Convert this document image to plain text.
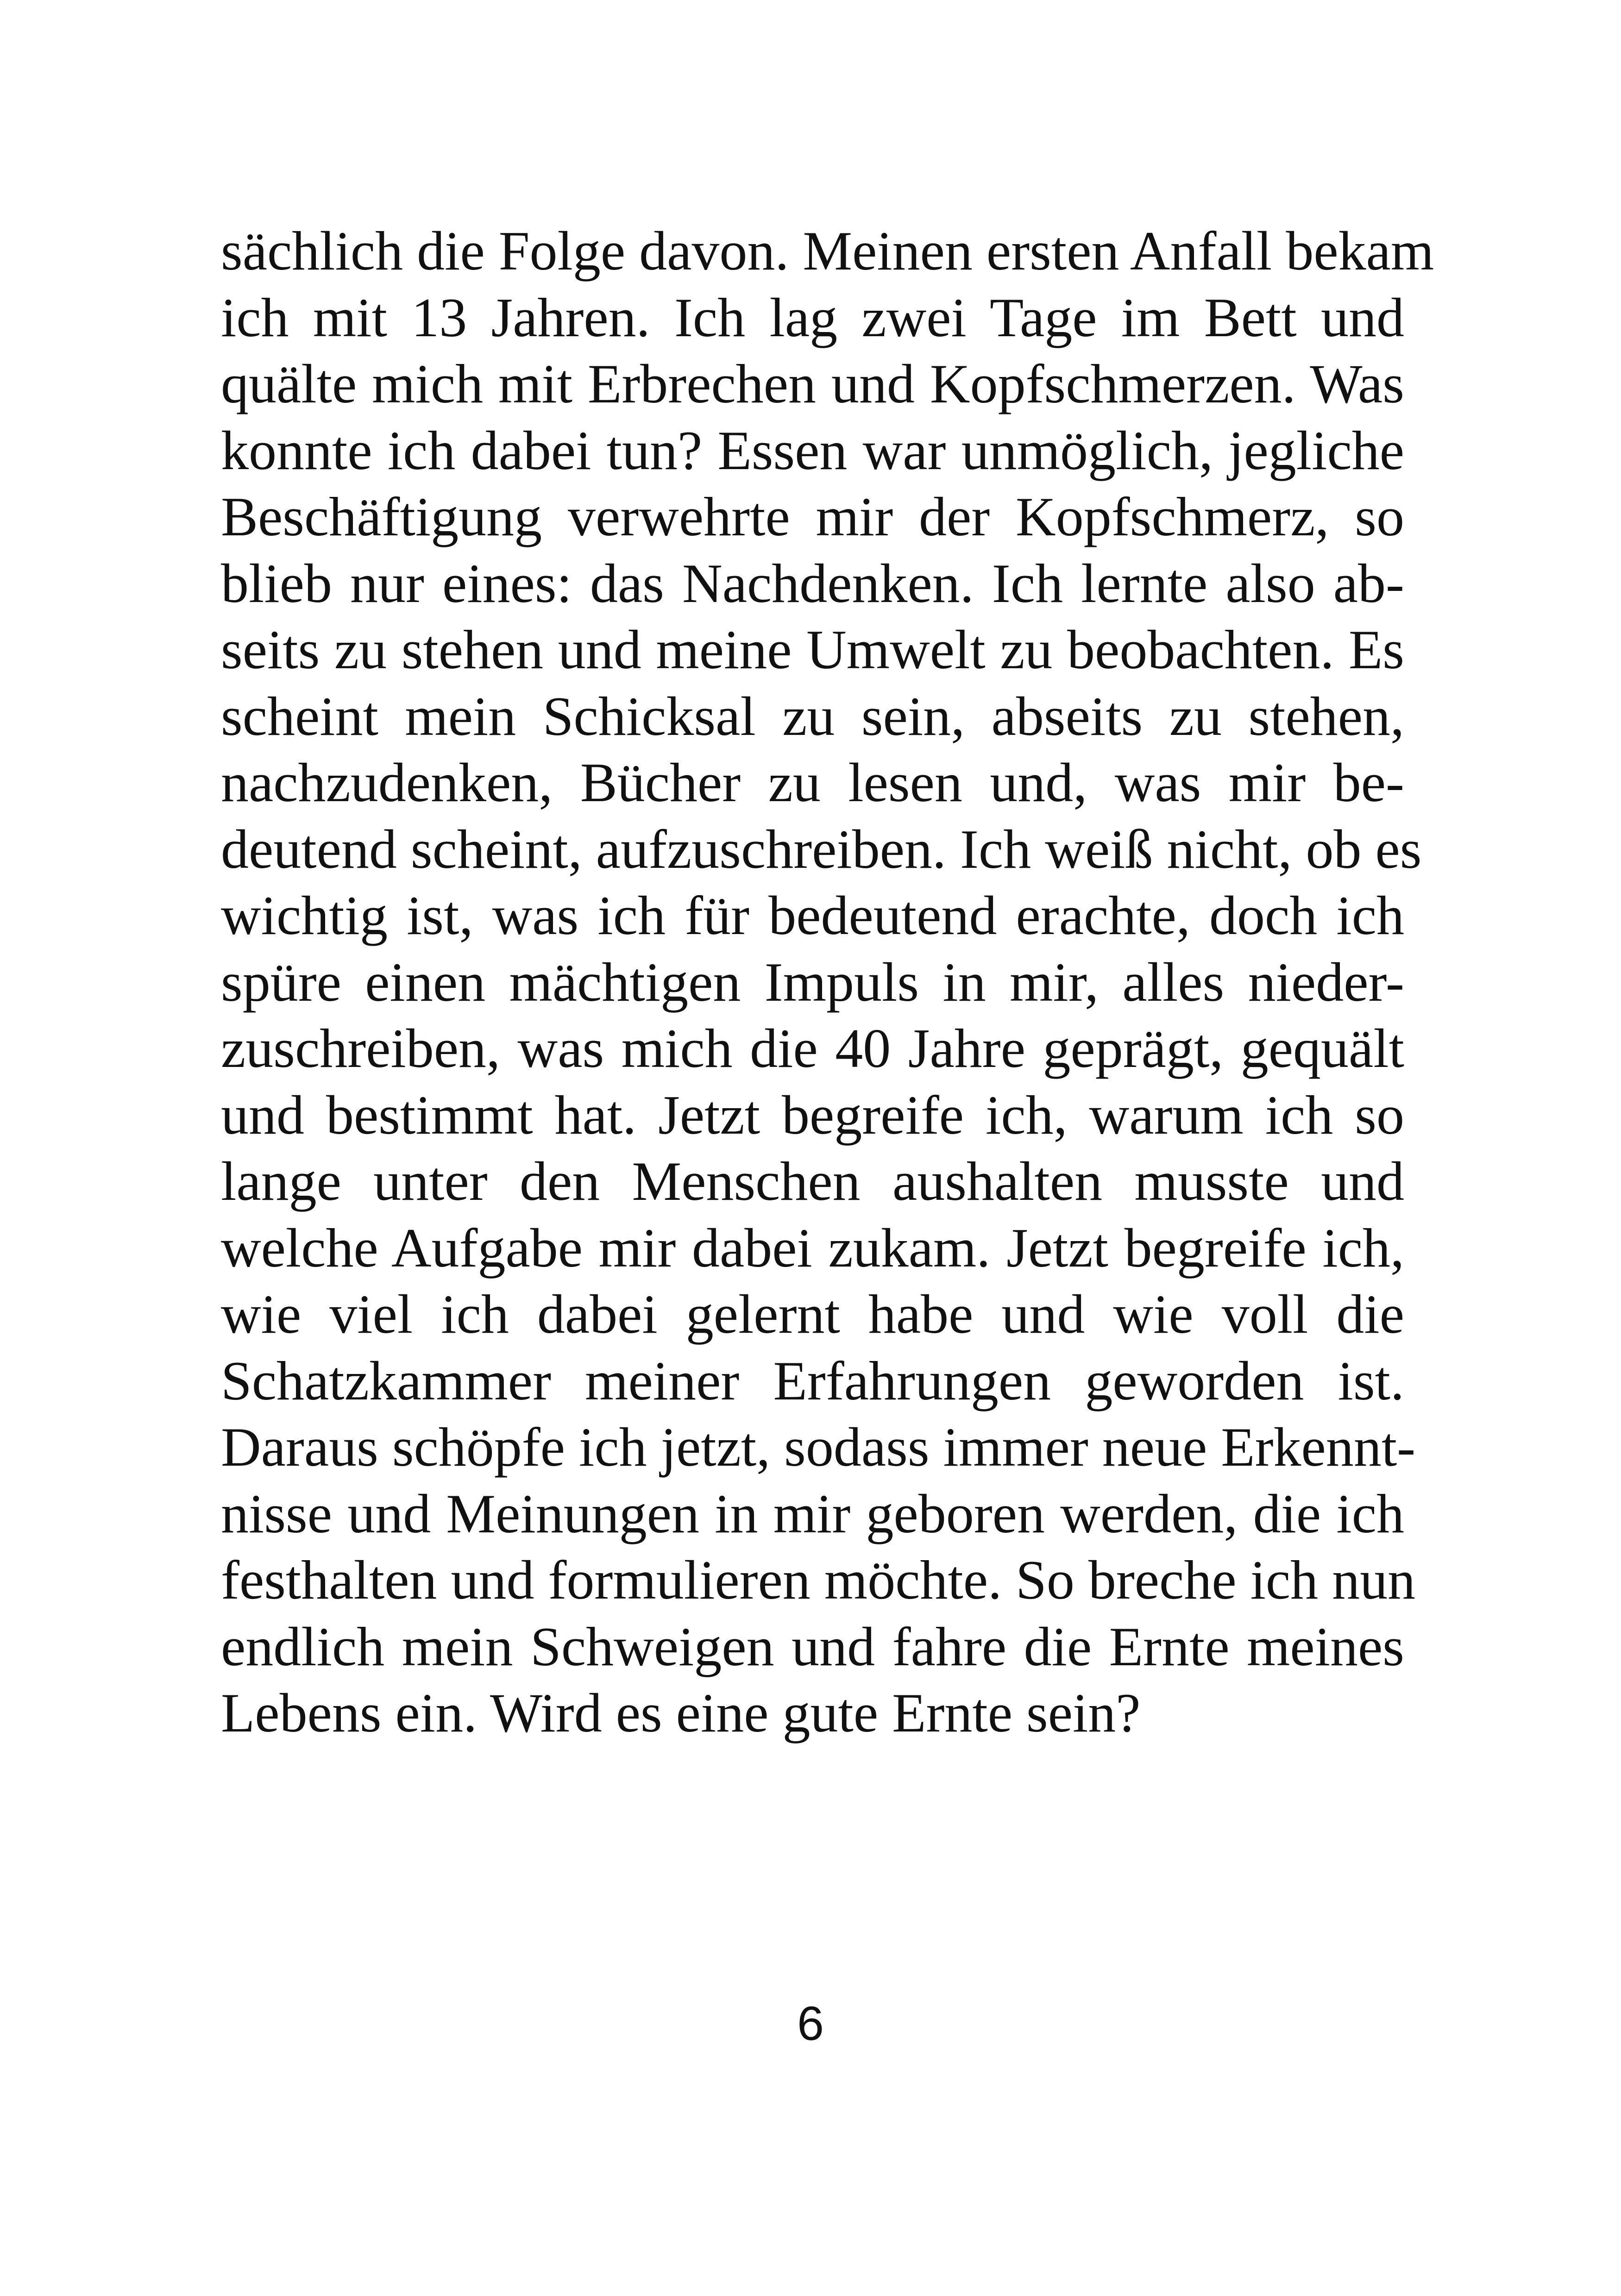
sächlich die Folge davon. Meinen ersten Anfall bekam
ich mit 13 Jahren. Ich lag zwei Tage im Bett und
quälte mich mit Erbrechen und Kopfschmerzen. Was
konnte ich dabei tun? Essen war unmöglich, jegliche
Beschäftigung verwehrte mir der Kopfschmerz, so
blieb nur eines: das Nachdenken. Ich lernte also ab-
seits zu stehen und meine Umwelt zu beobachten. Es
scheint mein Schicksal zu sein, abseits zu stehen,
nachzudenken, Bücher zu lesen und, was mir be-
deutend scheint, aufzuschreiben. Ich weiß nicht, ob es
wichtig ist, was ich für bedeutend erachte, doch ich
spüre einen mächtigen Impuls in mir, alles nieder-
zuschreiben, was mich die 40 Jahre geprägt, gequält
und bestimmt hat. Jetzt begreife ich, warum ich so
lange unter den Menschen aushalten musste und
welche Aufgabe mir dabei zukam. Jetzt begreife ich,
wie viel ich dabei gelernt habe und wie voll die
Schatzkammer meiner Erfahrungen geworden ist.
Daraus schöpfe ich jetzt, sodass immer neue Erkennt-
nisse und Meinungen in mir geboren werden, die ich
festhalten und formulieren möchte. So breche ich nun
endlich mein Schweigen und fahre die Ernte meines
Lebens ein. Wird es eine gute Ernte sein?
6
